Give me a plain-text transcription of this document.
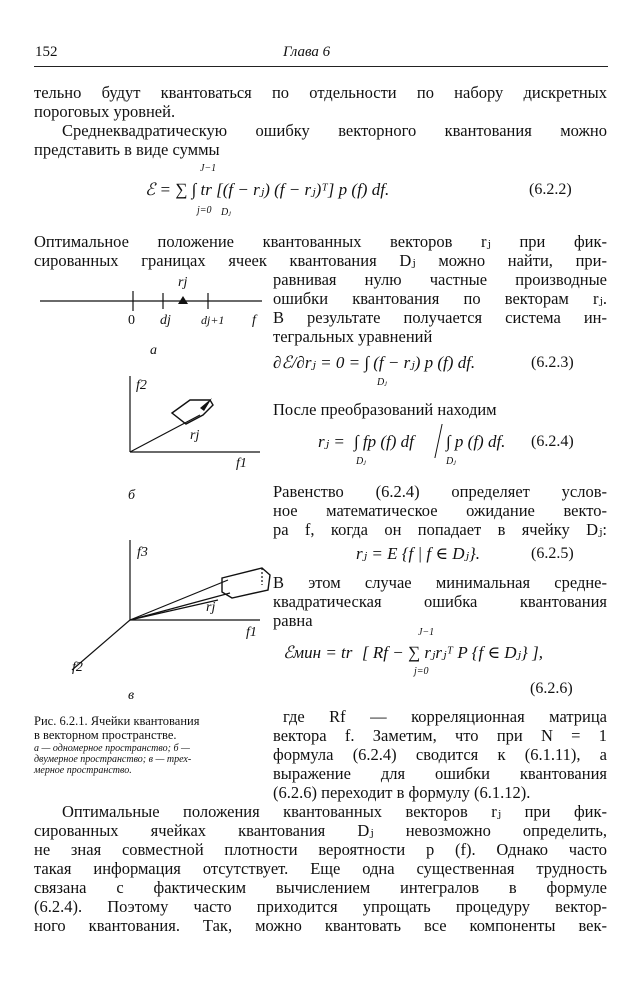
152	Глава 6
тельно будут квантоваться по отдельности по набору дискретных
пороговых уровней.
Среднеквадратическую ошибку векторного квантования можно
представить в виде суммы
J−1
ℰ = ∑ ∫ tr [(f − rⱼ) (f − rⱼ)ᵀ] p (f) df.
j=0 Dⱼ
(6.2.2)
Оптимальное положение квантованных векторов rⱼ при фик-
сированных границах ячеек квантования Dⱼ можно найти, при-
равнивая нулю частные производные
ошибки квантования по векторам rⱼ.
В результате получается система ин-
тегральных уравнений
∂ℰ/∂rⱼ = 0 = ∫ (f − rⱼ) p (f) df.
Dⱼ
(6.2.3)
После преобразований находим
rⱼ = ∫ fp (f) df ∫ p (f) df.
Dⱼ	Dⱼ
(6.2.4)
Равенство (6.2.4) определяет услов-
ное математическое ожидание векто-
ра f, когда он попадает в ячейку Dⱼ:
rⱼ = E {f | f ∈ Dⱼ}.	(6.2.5)
В этом случае минимальная средне-
квадратическая ошибка квантования
равна
J−1
ℰмин = tr [ Rf − ∑ rⱼrⱼᵀ P {f ∈ Dⱼ} ],
j=0
(6.2.6)
где Rf — корреляционная матрица
вектора f. Заметим, что при N = 1
формула (6.2.4) сводится к (6.1.11), а
выражение для ошибки квантования
(6.2.6) переходит в формулу (6.1.12).
Оптимальные положения квантованных векторов rⱼ при фик-
сированных ячейках квантования Dⱼ невозможно определить,
не зная совместной плотности вероятности p (f). Однако часто
такая информация отсутствует. Еще одна существенная трудность
связана с фактическим вычислением интегралов в формуле
(6.2.4). Поэтому часто приходится упрощать процедуру вектор-
ного квантования. Так, можно квантовать все компоненты век-
0 dj	dj+1 f
rj
а
f2
rj
f1
б
f3
rj
f1
f2
в
Рис. 6.2.1. Ячейки квантования
в векторном пространстве.
а — одномерное пространство; б —
двумерное пространство; в — трех-
мерное пространство.
